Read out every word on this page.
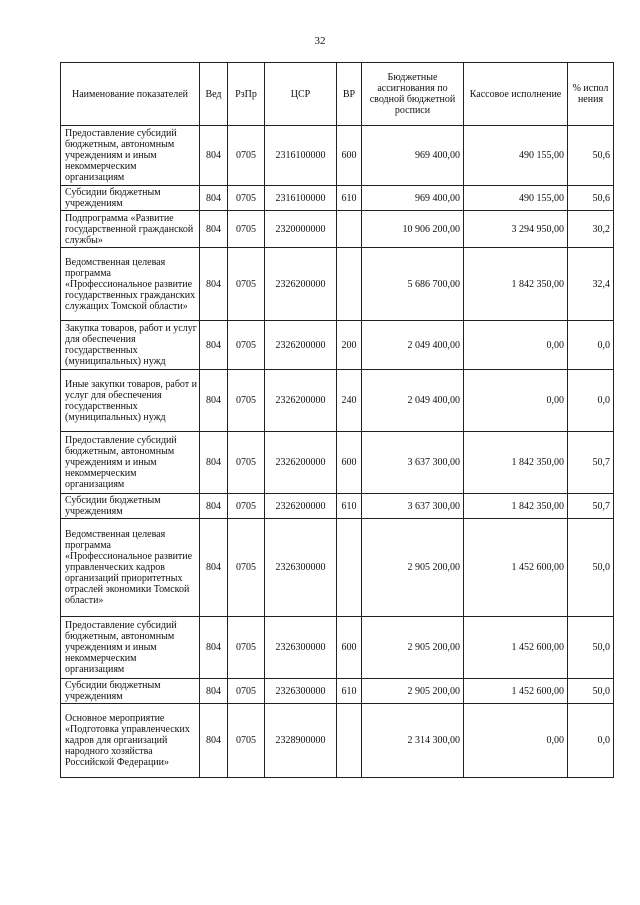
32
Наименование показателей	Вед	РзПр	ЦСР	ВР	Бюджетные ассигнования по сводной бюджетной росписи	Кассовое исполнение	% испол нения
Предоставление субсидий бюджетным, автономным учреждениям и иным некоммерческим организациям	804	0705	2316100000	600	969 400,00	490 155,00	50,6
Субсидии бюджетным учреждениям	804	0705	2316100000	610	969 400,00	490 155,00	50,6
Подпрограмма «Развитие государственной гражданской службы»	804	0705	2320000000		10 906 200,00	3 294 950,00	30,2
Ведомственная целевая программа «Профессиональное развитие государственных гражданских служащих Томской области»	804	0705	2326200000		5 686 700,00	1 842 350,00	32,4
Закупка товаров, работ и услуг для обеспечения государственных (муниципальных) нужд	804	0705	2326200000	200	2 049 400,00	0,00	0,0
Иные закупки товаров, работ и услуг для обеспечения государственных (муниципальных) нужд	804	0705	2326200000	240	2 049 400,00	0,00	0,0
Предоставление субсидий бюджетным, автономным учреждениям и иным некоммерческим организациям	804	0705	2326200000	600	3 637 300,00	1 842 350,00	50,7
Субсидии бюджетным учреждениям	804	0705	2326200000	610	3 637 300,00	1 842 350,00	50,7
Ведомственная целевая программа «Профессиональное развитие управленческих кадров организаций приоритетных отраслей экономики Томской области»	804	0705	2326300000		2 905 200,00	1 452 600,00	50,0
Предоставление субсидий бюджетным, автономным учреждениям и иным некоммерческим организациям	804	0705	2326300000	600	2 905 200,00	1 452 600,00	50,0
Субсидии бюджетным учреждениям	804	0705	2326300000	610	2 905 200,00	1 452 600,00	50,0
Основное мероприятие «Подготовка управленческих кадров для организаций народного хозяйства Российской Федерации»	804	0705	2328900000		2 314 300,00	0,00	0,0
